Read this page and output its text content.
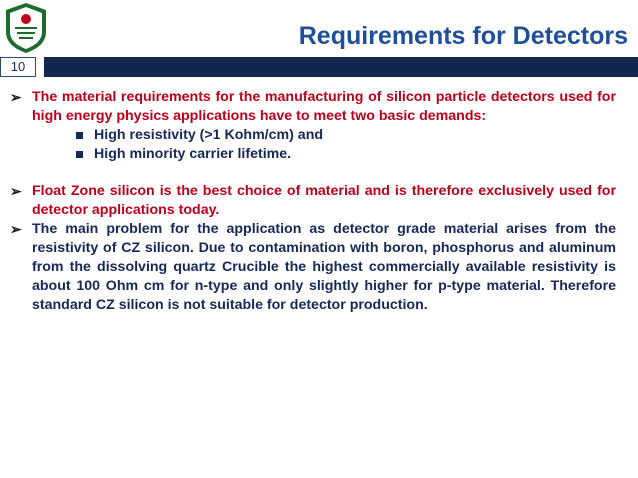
Requirements for Detectors
10
➢ The material requirements for the manufacturing of silicon particle detectors used for high energy physics applications have to meet two basic demands:
High resistivity (>1 Kohm/cm) and
High minority carrier lifetime.
➢ Float Zone silicon is the best choice of material and is therefore exclusively used for detector applications today.
➢ The main problem for the application as detector grade material arises from the resistivity of CZ silicon. Due to contamination with boron, phosphorus and aluminum from the dissolving quartz Crucible the highest commercially available resistivity is about 100 Ohm cm for n-type and only slightly higher for p-type material. Therefore standard CZ silicon is not suitable for detector production.
